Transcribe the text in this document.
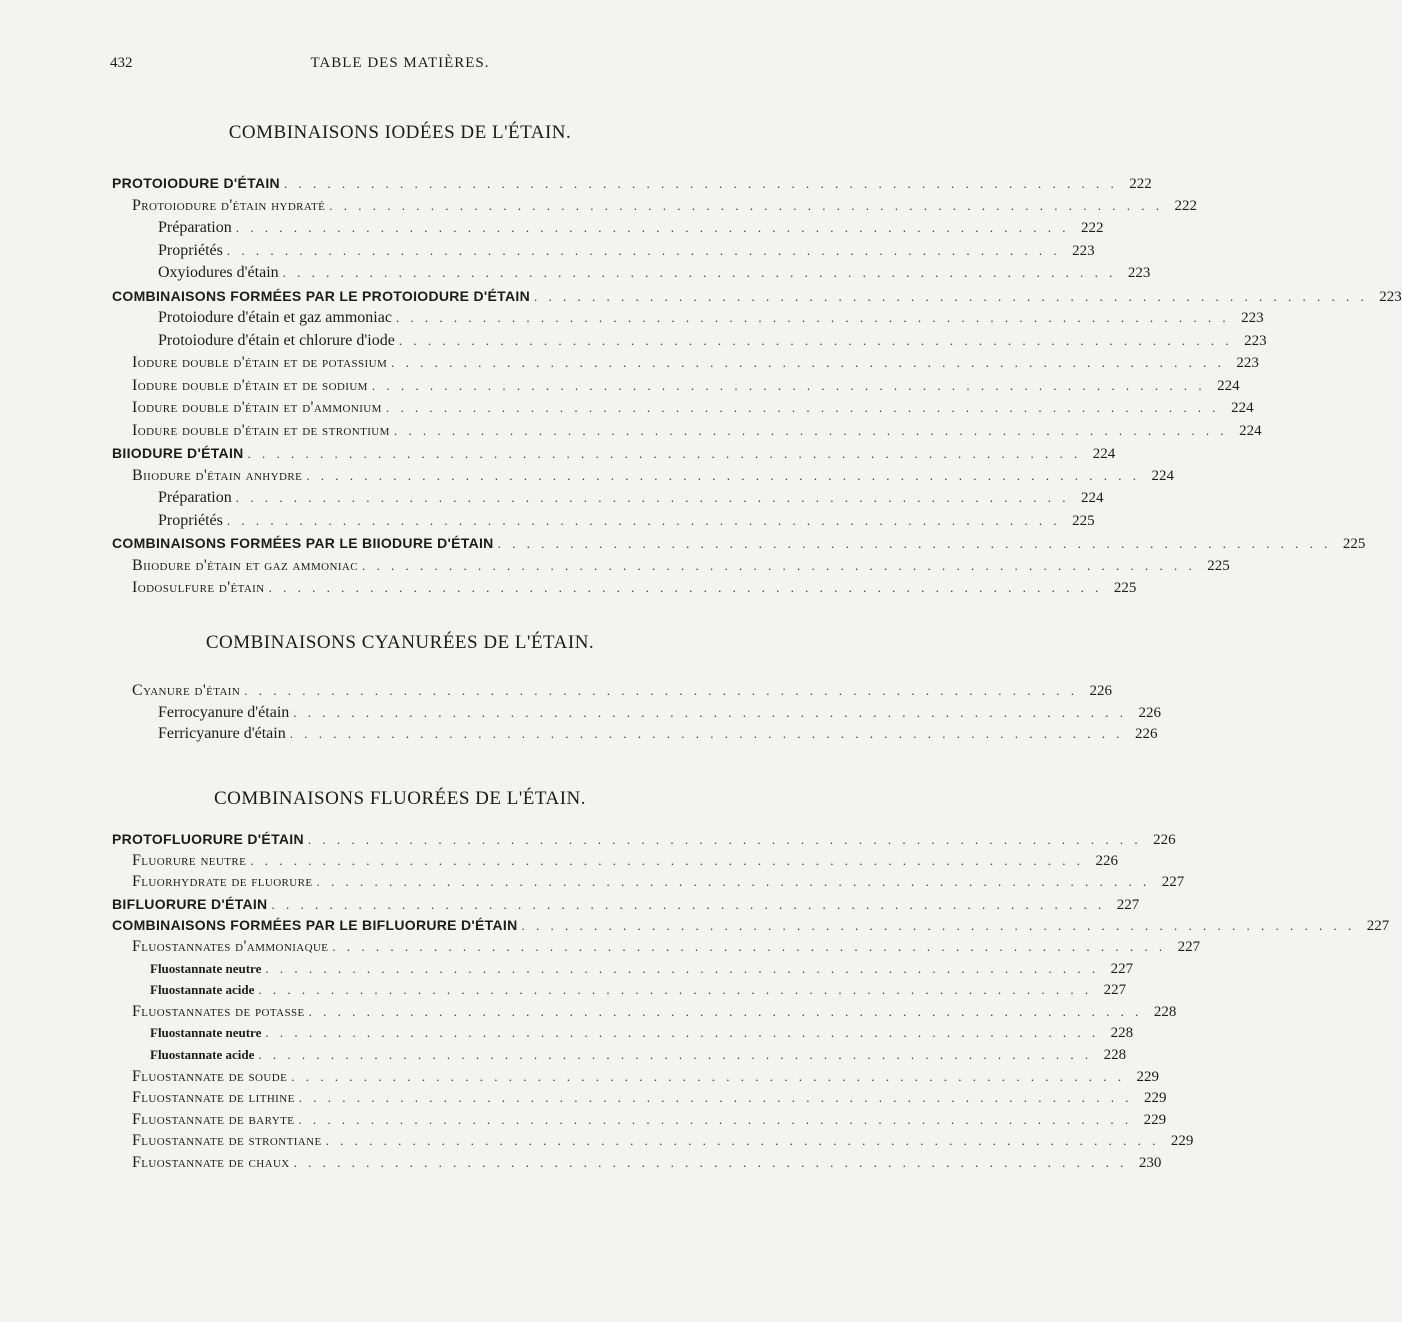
432	TABLE DES MATIÈRES.
COMBINAISONS IODÉES DE L'ÉTAIN.
PROTOIODURE D'ÉTAIN . . . . . . . . . . . . . . . . . . . . . . . . . . . . . . . . . . . . . . . . . . . . . . . . . . . . . . . . . . 222
Protoiodure d'étain hydraté . . . . . . . . . . . . . . . . . . . . . . . . . . . . . . . . . . . . . . . . . . . . . . . . . . . . . . . . . . 222
Préparation . . . . . . . . . . . . . . . . . . . . . . . . . . . . . . . . . . . . . . . . . . . . . . . . . . . . . . . . . . 222
Propriétés . . . . . . . . . . . . . . . . . . . . . . . . . . . . . . . . . . . . . . . . . . . . . . . . . . . . . . . . . . 223
Oxyiodures d'étain . . . . . . . . . . . . . . . . . . . . . . . . . . . . . . . . . . . . . . . . . . . . . . . . . . . . . . . . . . 223
COMBINAISONS FORMÉES PAR LE PROTOIODURE D'ÉTAIN . . . . . . . . . . . . . . . . . . . . . . . . . . . . . . . . . . . . . . . . . . . . . . . . . . . . . . . . . . 223
Protoiodure d'étain et gaz ammoniac . . . . . . . . . . . . . . . . . . . . . . . . . . . . . . . . . . . . . . . . . . . . . . . . . . . . . . . . . . 223
Protoiodure d'étain et chlorure d'iode . . . . . . . . . . . . . . . . . . . . . . . . . . . . . . . . . . . . . . . . . . . . . . . . . . . . . . . . . . 223
Iodure double d'étain et de potassium . . . . . . . . . . . . . . . . . . . . . . . . . . . . . . . . . . . . . . . . . . . . . . . . . . . . . . . . . . 223
Iodure double d'étain et de sodium . . . . . . . . . . . . . . . . . . . . . . . . . . . . . . . . . . . . . . . . . . . . . . . . . . . . . . . . . . 224
Iodure double d'étain et d'ammonium . . . . . . . . . . . . . . . . . . . . . . . . . . . . . . . . . . . . . . . . . . . . . . . . . . . . . . . . . . 224
Iodure double d'étain et de strontium . . . . . . . . . . . . . . . . . . . . . . . . . . . . . . . . . . . . . . . . . . . . . . . . . . . . . . . . . . 224
BIIODURE D'ÉTAIN . . . . . . . . . . . . . . . . . . . . . . . . . . . . . . . . . . . . . . . . . . . . . . . . . . . . . . . . . . 224
Biiodure d'étain anhydre . . . . . . . . . . . . . . . . . . . . . . . . . . . . . . . . . . . . . . . . . . . . . . . . . . . . . . . . . . 224
Préparation . . . . . . . . . . . . . . . . . . . . . . . . . . . . . . . . . . . . . . . . . . . . . . . . . . . . . . . . . . 224
Propriétés . . . . . . . . . . . . . . . . . . . . . . . . . . . . . . . . . . . . . . . . . . . . . . . . . . . . . . . . . . 225
COMBINAISONS FORMÉES PAR LE BIIODURE D'ÉTAIN . . . . . . . . . . . . . . . . . . . . . . . . . . . . . . . . . . . . . . . . . . . . . . . . . . . . . . . . . . 225
Biiodure d'étain et gaz ammoniac . . . . . . . . . . . . . . . . . . . . . . . . . . . . . . . . . . . . . . . . . . . . . . . . . . . . . . . . . . 225
Iodosulfure d'étain . . . . . . . . . . . . . . . . . . . . . . . . . . . . . . . . . . . . . . . . . . . . . . . . . . . . . . . . . . 225
COMBINAISONS CYANURÉES DE L'ÉTAIN.
Cyanure d'étain . . . . . . . . . . . . . . . . . . . . . . . . . . . . . . . . . . . . . . . . . . . . . . . . . . . . . . . . . . 226
Ferrocyanure d'étain . . . . . . . . . . . . . . . . . . . . . . . . . . . . . . . . . . . . . . . . . . . . . . . . . . . . . . . . . . 226
Ferricyanure d'étain . . . . . . . . . . . . . . . . . . . . . . . . . . . . . . . . . . . . . . . . . . . . . . . . . . . . . . . . . . 226
COMBINAISONS FLUORÉES DE L'ÉTAIN.
PROTOFLUORURE D'ÉTAIN . . . . . . . . . . . . . . . . . . . . . . . . . . . . . . . . . . . . . . . . . . . . . . . . . . . . . . . . . . 226
Fluorure neutre . . . . . . . . . . . . . . . . . . . . . . . . . . . . . . . . . . . . . . . . . . . . . . . . . . . . . . . . . . 226
Fluorhydrate de fluorure . . . . . . . . . . . . . . . . . . . . . . . . . . . . . . . . . . . . . . . . . . . . . . . . . . . . . . . . . . 227
BIFLUORURE D'ÉTAIN . . . . . . . . . . . . . . . . . . . . . . . . . . . . . . . . . . . . . . . . . . . . . . . . . . . . . . . . . . 227
COMBINAISONS FORMÉES PAR LE BIFLUORURE D'ÉTAIN . . . . . . . . . . . . . . . . . . . . . . . . . . . . . . . . . . . . . . . . . . . . . . . . . . . . . . . . . . 227
Fluostannates d'ammoniaque . . . . . . . . . . . . . . . . . . . . . . . . . . . . . . . . . . . . . . . . . . . . . . . . . . . . . . . . . . 227
Fluostannate neutre . . . . . . . . . . . . . . . . . . . . . . . . . . . . . . . . . . . . . . . . . . . . . . . . . . . . . . . . . . 227
Fluostannate acide . . . . . . . . . . . . . . . . . . . . . . . . . . . . . . . . . . . . . . . . . . . . . . . . . . . . . . . . . . 227
Fluostannates de potasse . . . . . . . . . . . . . . . . . . . . . . . . . . . . . . . . . . . . . . . . . . . . . . . . . . . . . . . . . . 228
Fluostannate neutre . . . . . . . . . . . . . . . . . . . . . . . . . . . . . . . . . . . . . . . . . . . . . . . . . . . . . . . . . . 228
Fluostannate acide . . . . . . . . . . . . . . . . . . . . . . . . . . . . . . . . . . . . . . . . . . . . . . . . . . . . . . . . . . 228
Fluostannate de soude . . . . . . . . . . . . . . . . . . . . . . . . . . . . . . . . . . . . . . . . . . . . . . . . . . . . . . . . . . 229
Fluostannate de lithine . . . . . . . . . . . . . . . . . . . . . . . . . . . . . . . . . . . . . . . . . . . . . . . . . . . . . . . . . . 229
Fluostannate de baryte . . . . . . . . . . . . . . . . . . . . . . . . . . . . . . . . . . . . . . . . . . . . . . . . . . . . . . . . . . 229
Fluostannate de strontiane . . . . . . . . . . . . . . . . . . . . . . . . . . . . . . . . . . . . . . . . . . . . . . . . . . . . . . . . . . 229
Fluostannate de chaux . . . . . . . . . . . . . . . . . . . . . . . . . . . . . . . . . . . . . . . . . . . . . . . . . . . . . . . . . . 230
